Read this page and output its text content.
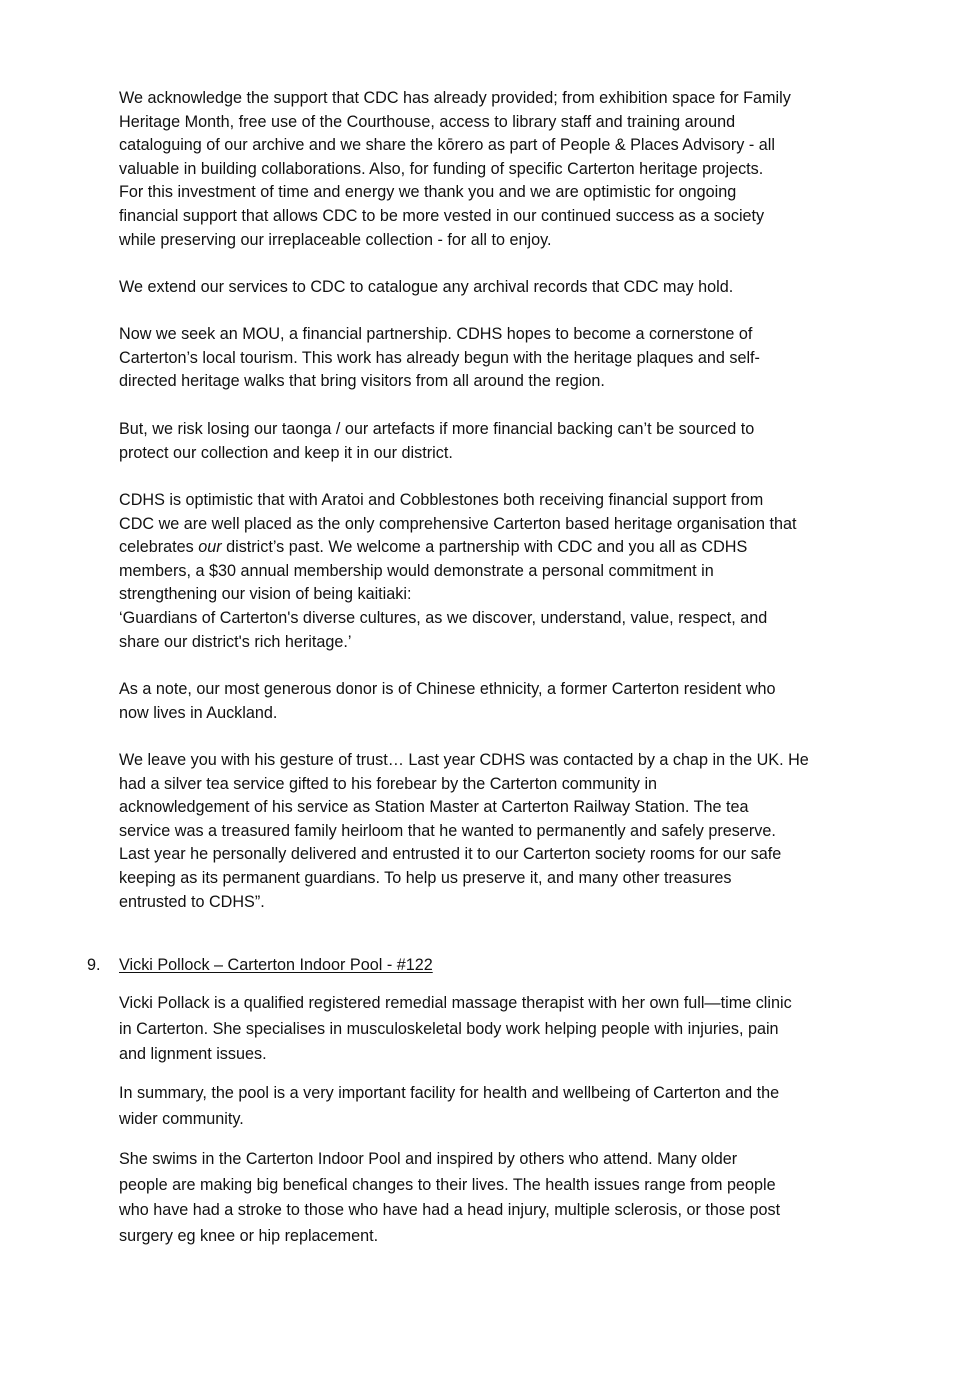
We acknowledge the support that CDC has already provided; from exhibition space for Family
Heritage Month, free use of the Courthouse, access to library staff and training around
cataloguing of our archive and we share the kōrero as part of People & Places Advisory - all
valuable in building collaborations. Also, for funding of specific Carterton heritage projects.
For this investment of time and energy we thank you and we are optimistic for ongoing
financial support that allows CDC to be more vested in our continued success as a society
while preserving our irreplaceable collection - for all to enjoy.

We extend our services to CDC to catalogue any archival records that CDC may hold.

Now we seek an MOU, a financial partnership. CDHS hopes to become a cornerstone of
Carterton’s local tourism. This work has already begun with the heritage plaques and self-
directed heritage walks that bring visitors from all around the region.

But, we risk losing our taonga / our artefacts if more financial backing can’t be sourced to
protect our collection and keep it in our district.

CDHS is optimistic that with Aratoi and Cobblestones both receiving financial support from
CDC we are well placed as the only comprehensive Carterton based heritage organisation that
celebrates our district’s past. We welcome a partnership with CDC and you all as CDHS
members, a $30 annual membership would demonstrate a personal commitment in
strengthening our vision of being kaitiaki:
‘Guardians of Carterton's diverse cultures, as we discover, understand, value, respect, and
share our district's rich heritage.’

As a note, our most generous donor is of Chinese ethnicity, a former Carterton resident who
now lives in Auckland.

We leave you with his gesture of trust… Last year CDHS was contacted by a chap in the UK. He
had a silver tea service gifted to his forebear by the Carterton community in
acknowledgement of his service as Station Master at Carterton Railway Station. The tea
service was a treasured family heirloom that he wanted to permanently and safely preserve.
Last year he personally delivered and entrusted it to our Carterton society rooms for our safe
keeping as its permanent guardians. To help us preserve it, and many other treasures
entrusted to CDHS”.

9. Vicki Pollock – Carterton Indoor Pool - #122

Vicki Pollack is a qualified registered remedial massage therapist with her own full—time clinic
in Carterton. She specialises in musculoskeletal body work helping people with injuries, pain
and lignment issues.

In summary, the pool is a very important facility for health and wellbeing of Carterton and the
wider community.

She swims in the Carterton Indoor Pool and inspired by others who attend. Many older
people are making big benefical changes to their lives. The health issues range from people
who have had a stroke to those who have had a head injury, multiple sclerosis, or those post
surgery eg knee or hip replacement.
